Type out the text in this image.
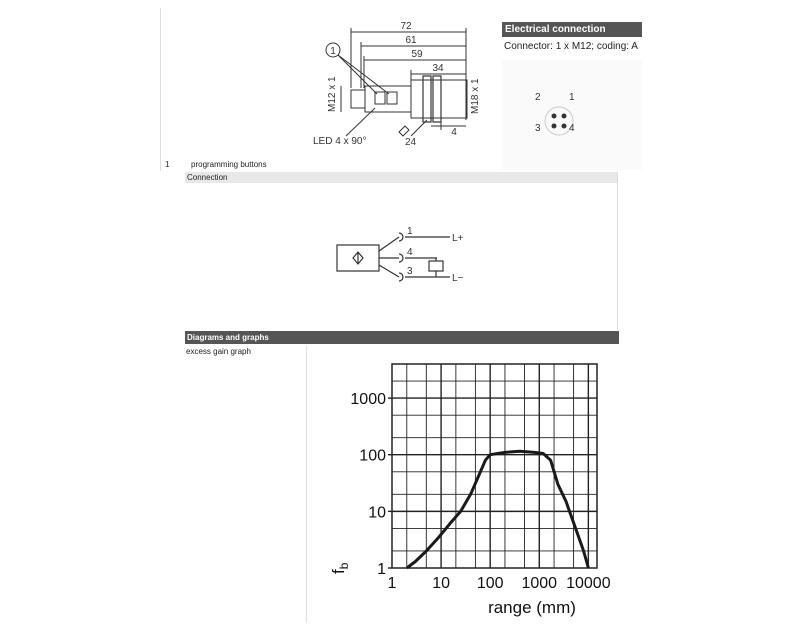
72
61
59
34
4
24
1
M12 x 1	M18 x 1
LED 4 x 90°
1	programming buttons
Electrical connection
Connector: 1 x M12; coding: A
1
2
3	4
Connection
1
4
3
L+
L−
Diagrams and graphs
excess gain graph
1 10 100 1000 10000
1
10
100
1000
range (mm)
$f_b$
